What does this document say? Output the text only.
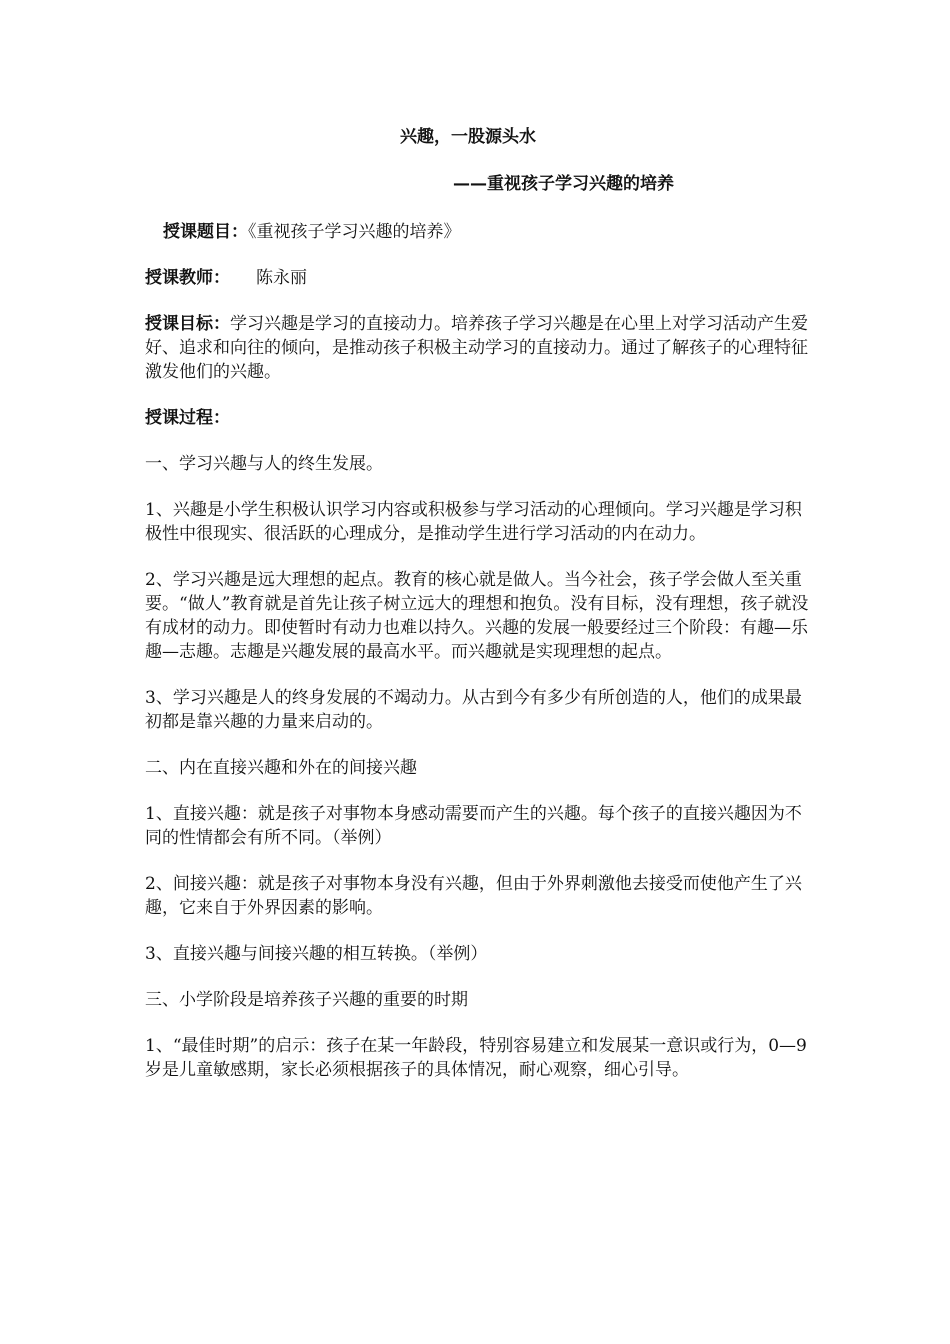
兴趣，一股源头水
——重视孩子学习兴趣的培养

授课题目：《重视孩子学习兴趣的培养》

授课教师： 陈永丽

授课目标：学习兴趣是学习的直接动力。培养孩子学习兴趣是在心里上对学习活动产生爱好、追求和向往的倾向，是推动孩子积极主动学习的直接动力。通过了解孩子的心理特征激发他们的兴趣。

授课过程：

一、学习兴趣与人的终生发展。

1、兴趣是小学生积极认识学习内容或积极参与学习活动的心理倾向。学习兴趣是学习积极性中很现实、很活跃的心理成分，是推动学生进行学习活动的内在动力。

2、学习兴趣是远大理想的起点。教育的核心就是做人。当今社会，孩子学会做人至关重要。“做人”教育就是首先让孩子树立远大的理想和抱负。没有目标，没有理想，孩子就没有成材的动力。即使暂时有动力也难以持久。兴趣的发展一般要经过三个阶段：有趣—乐趣—志趣。志趣是兴趣发展的最高水平。而兴趣就是实现理想的起点。

3、学习兴趣是人的终身发展的不竭动力。从古到今有多少有所创造的人，他们的成果最初都是靠兴趣的力量来启动的。

二、内在直接兴趣和外在的间接兴趣

1、直接兴趣：就是孩子对事物本身感动需要而产生的兴趣。每个孩子的直接兴趣因为不同的性情都会有所不同。（举例）

2、间接兴趣：就是孩子对事物本身没有兴趣，但由于外界刺激他去接受而使他产生了兴趣，它来自于外界因素的影响。

3、直接兴趣与间接兴趣的相互转换。（举例）

三、小学阶段是培养孩子兴趣的重要的时期

1、“最佳时期”的启示：孩子在某一年龄段，特别容易建立和发展某一意识或行为，0—9 岁是儿童敏感期，家长必须根据孩子的具体情况，耐心观察，细心引导。
